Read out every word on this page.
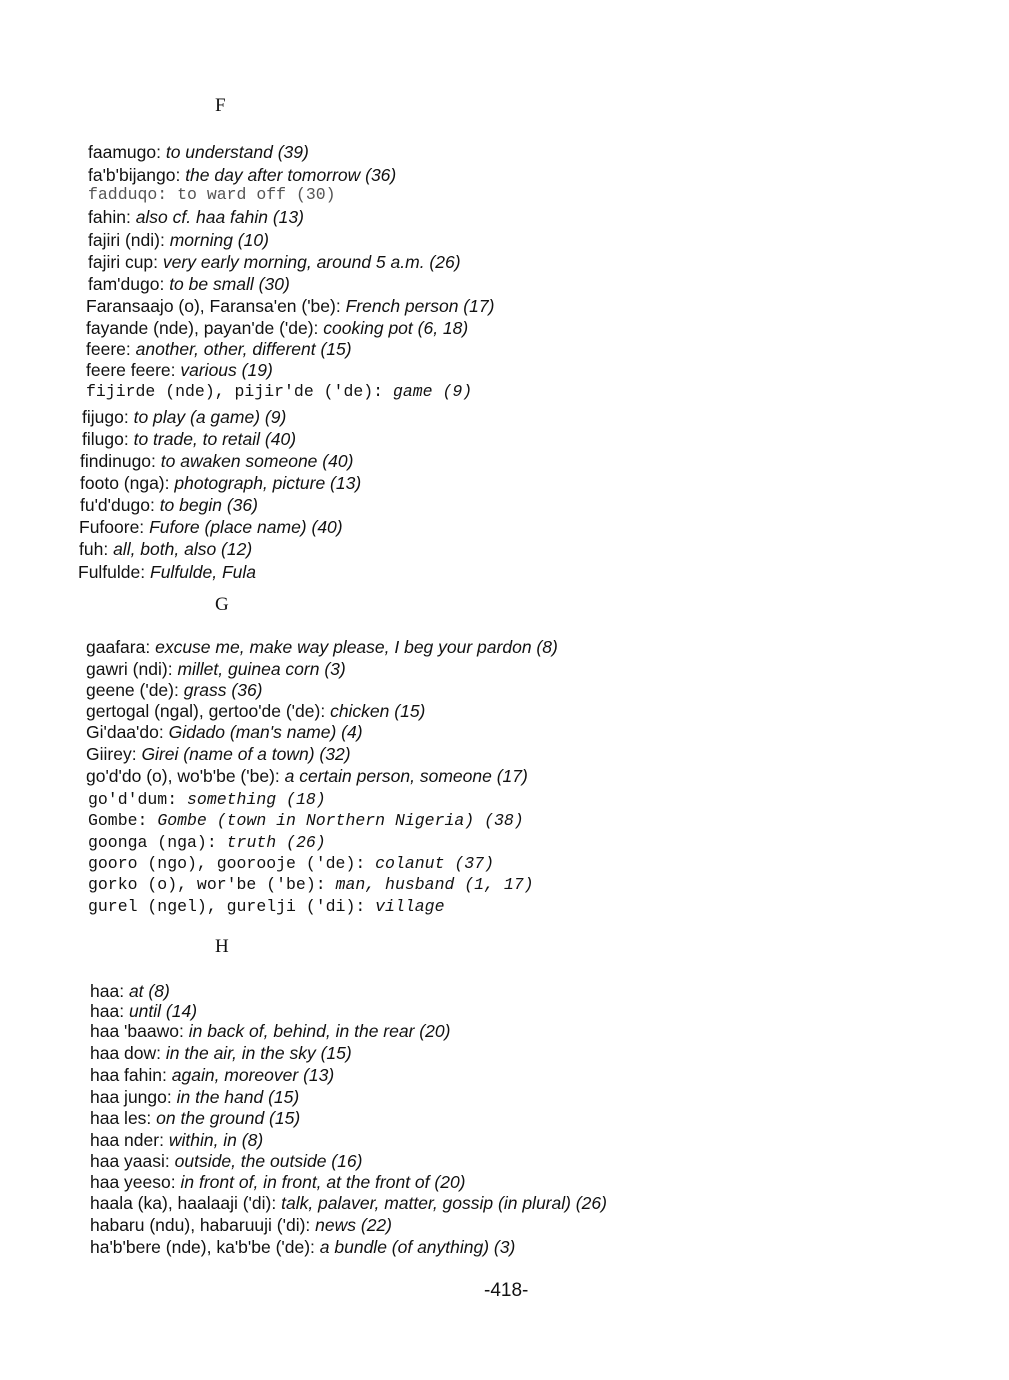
F
faamugo: to understand (39)
fa'b'bijango: the day after tomorrow (36)
fadduqo: to ward off (30)
fahin: also cf. haa fahin (13)
fajiri (ndi): morning (10)
fajiri cup: very early morning, around 5 a.m. (26)
fam'dugo: to be small (30)
Faransaajo (o), Faransa'en ('be): French person (17)
fayande (nde), payan'de ('de): cooking pot (6, 18)
feere: another, other, different (15)
feere feere: various (19)
fijirde (nde), pijir'de ('de): game (9)
fijugo: to play (a game) (9)
filugo: to trade, to retail (40)
findinugo: to awaken someone (40)
footo (nga): photograph, picture (13)
fu'd'dugo: to begin (36)
Fufoore: Fufore (place name) (40)
fuh: all, both, also (12)
Fulfulde: Fulfulde, Fula
G
gaafara: excuse me, make way please, I beg your pardon (8)
gawri (ndi): millet, guinea corn (3)
geene ('de): grass (36)
gertogal (ngal), gertoo'de ('de): chicken (15)
Gi'daa'do: Gidado (man's name) (4)
Giirey: Girei (name of a town) (32)
go'd'do (o), wo'b'be ('be): a certain person, someone (17)
go'd'dum: something (18)
Gombe: Gombe (town in Northern Nigeria) (38)
goonga (nga): truth (26)
gooro (ngo), goorooje ('de): colanut (37)
gorko (o), wor'be ('be): man, husband (1, 17)
gurel (ngel), gurelji ('di): village
H
haa: at (8)
haa: until (14)
haa 'baawo: in back of, behind, in the rear (20)
haa dow: in the air, in the sky (15)
haa fahin: again, moreover (13)
haa jungo: in the hand (15)
haa les: on the ground (15)
haa nder: within, in (8)
haa yaasi: outside, the outside (16)
haa yeeso: in front of, in front, at the front of (20)
haala (ka), haalaaji ('di): talk, palaver, matter, gossip (in plural) (26)
habaru (ndu), habaruuji ('di): news (22)
ha'b'bere (nde), ka'b'be ('de): a bundle (of anything) (3)
-418-
